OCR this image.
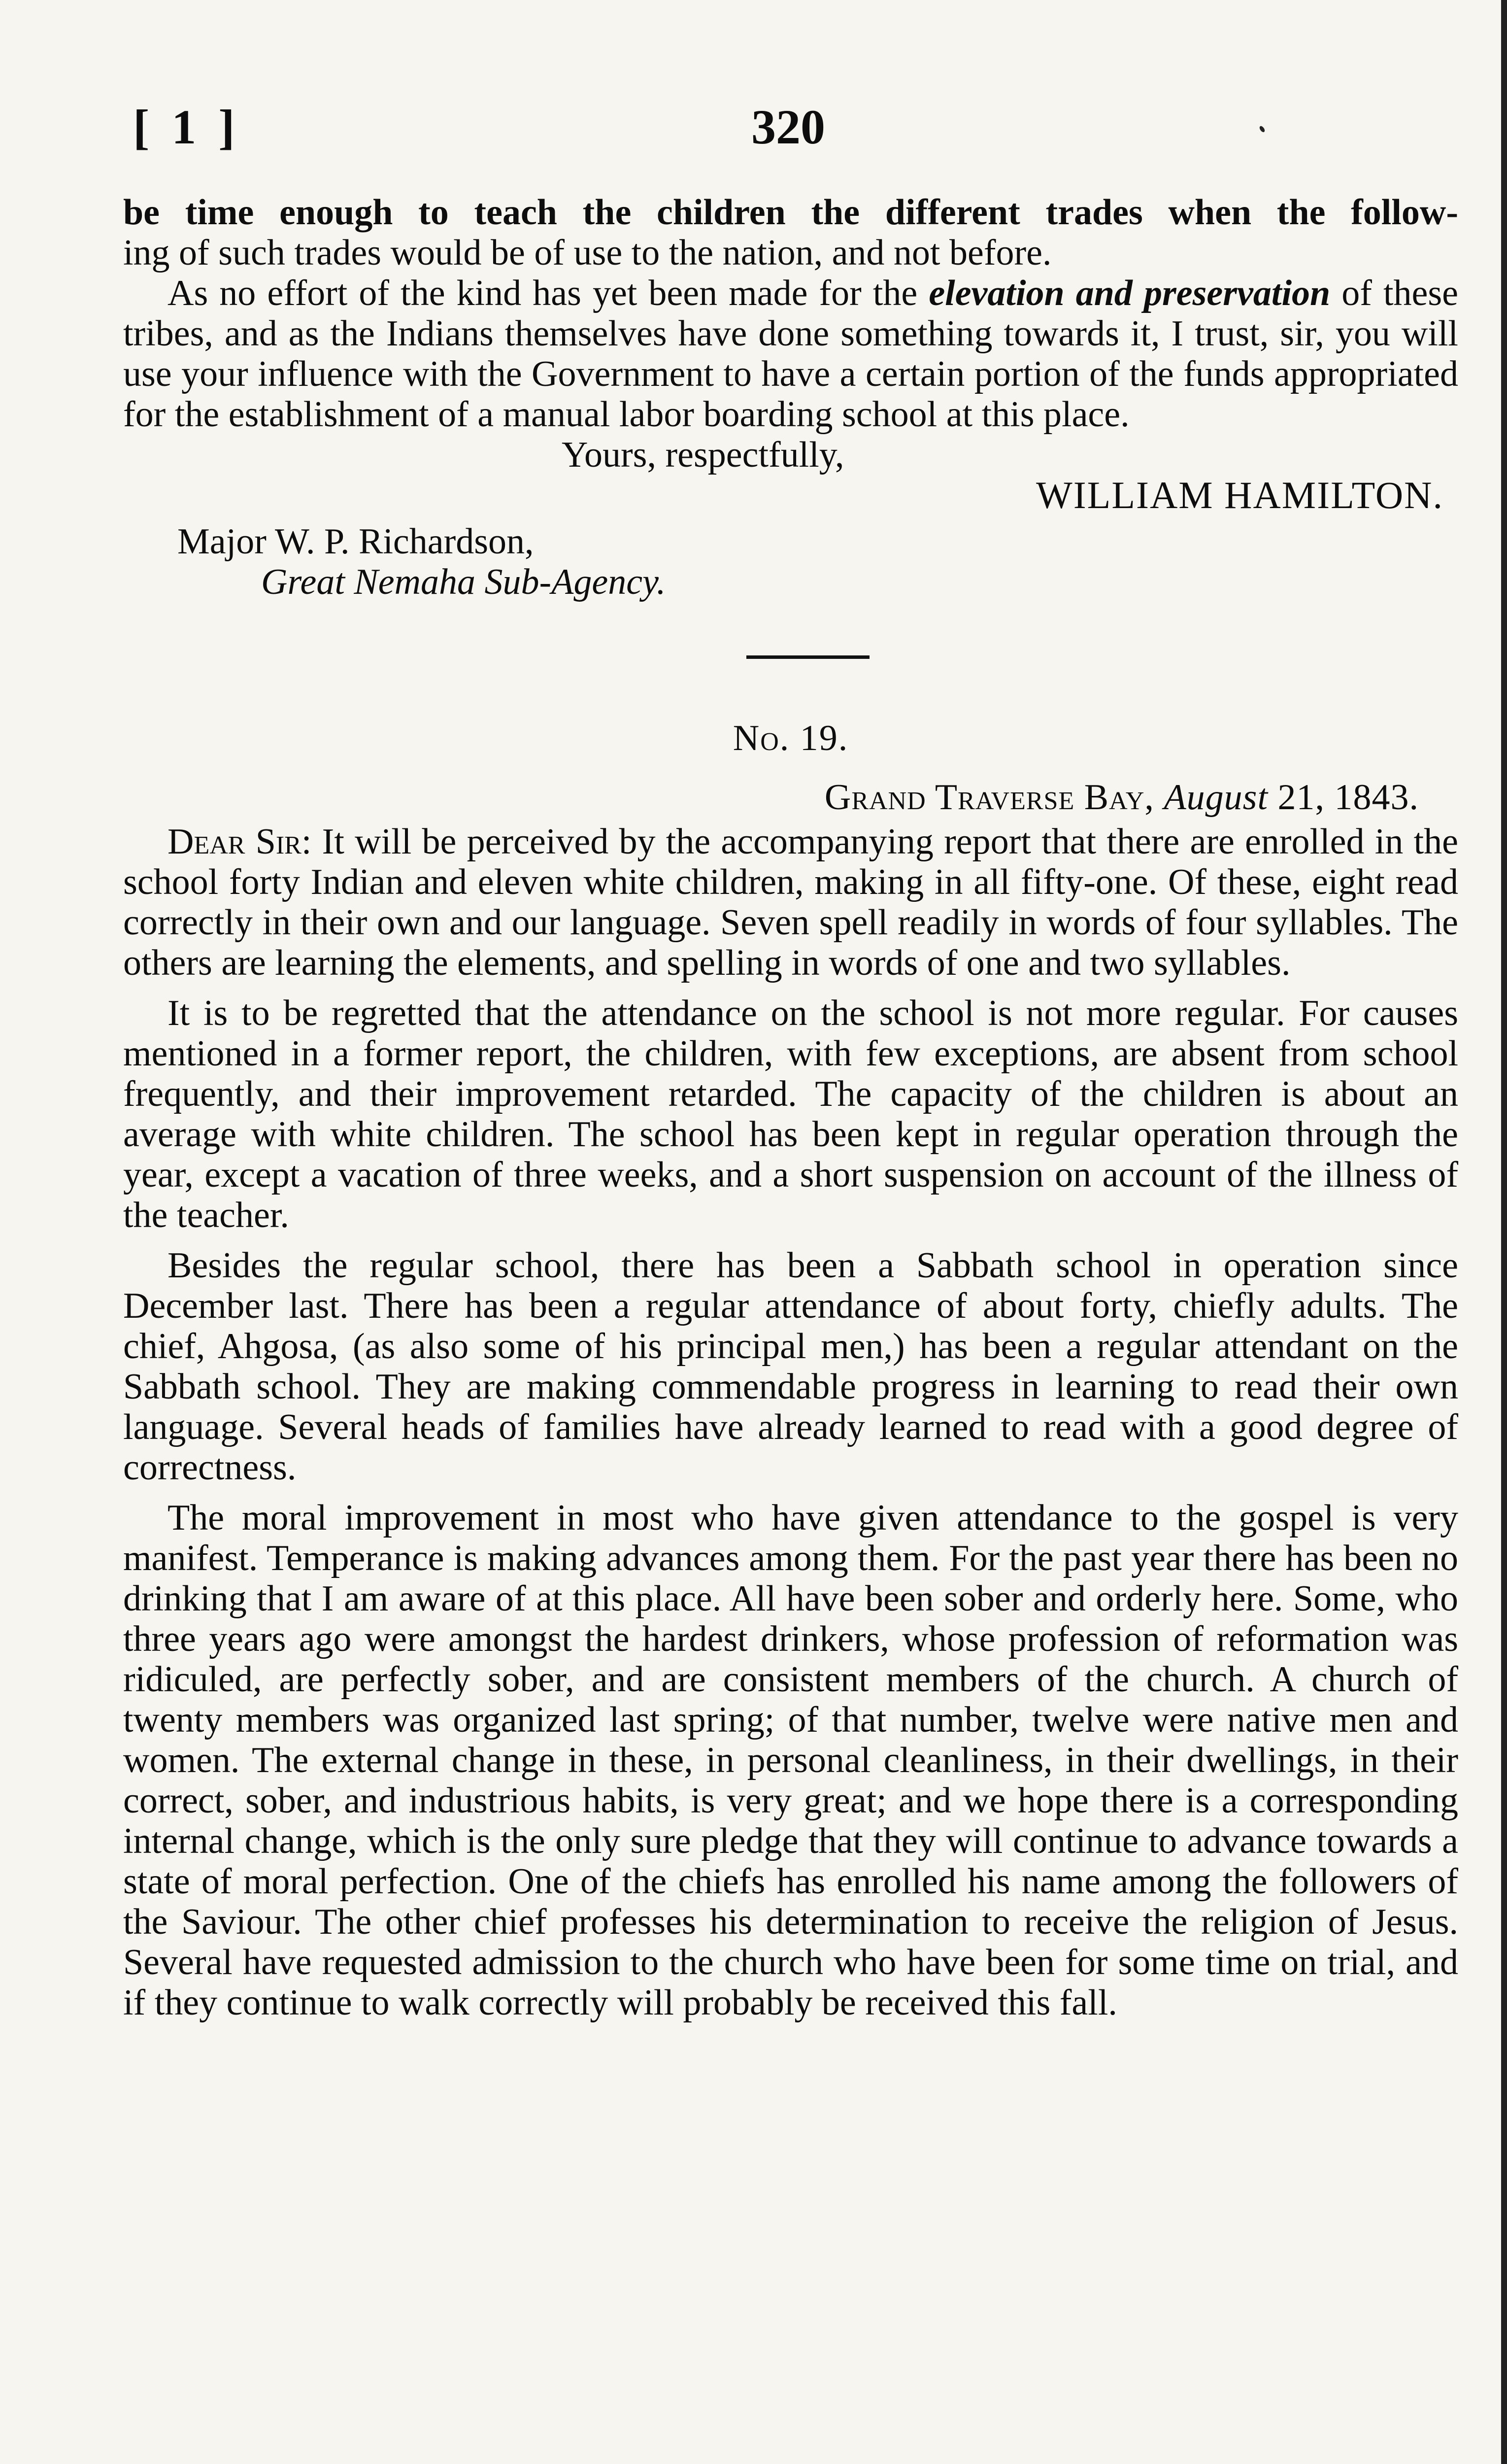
[ 1 ]	320

be time enough to teach the children the different trades when the follow-

ing of such trades would be of use to the nation, and not before.

As no effort of the kind has yet been made for the elevation and preservation of these tribes, and as the Indians themselves have done something towards it, I trust, sir, you will use your influence with the Government to have a certain portion of the funds appropriated for the establishment of a manual labor boarding school at this place.

Yours, respectfully,
WILLIAM HAMILTON.
Major W. P. Richardson,
Great Nemaha Sub-Agency.
No. 19.
Grand Traverse Bay, August 21, 1843.

Dear Sir: It will be perceived by the accompanying report that there are enrolled in the school forty Indian and eleven white children, making in all fifty-one. Of these, eight read correctly in their own and our language. Seven spell readily in words of four syllables. The others are learning the elements, and spelling in words of one and two syllables.

It is to be regretted that the attendance on the school is not more regular. For causes mentioned in a former report, the children, with few exceptions, are absent from school frequently, and their improvement retarded. The capacity of the children is about an average with white children. The school has been kept in regular operation through the year, except a vacation of three weeks, and a short suspension on account of the illness of the teacher.

Besides the regular school, there has been a Sabbath school in operation since December last. There has been a regular attendance of about forty, chiefly adults. The chief, Ahgosa, (as also some of his principal men,) has been a regular attendant on the Sabbath school. They are making commendable progress in learning to read their own language. Several heads of families have already learned to read with a good degree of correctness.

The moral improvement in most who have given attendance to the gospel is very manifest. Temperance is making advances among them. For the past year there has been no drinking that I am aware of at this place. All have been sober and orderly here. Some, who three years ago were amongst the hardest drinkers, whose profession of reformation was ridiculed, are perfectly sober, and are consistent members of the church. A church of twenty members was organized last spring; of that number, twelve were native men and women. The external change in these, in personal cleanliness, in their dwellings, in their correct, sober, and industrious habits, is very great; and we hope there is a corresponding internal change, which is the only sure pledge that they will continue to advance towards a state of moral perfection. One of the chiefs has enrolled his name among the followers of the Saviour. The other chief professes his determination to receive the religion of Jesus. Several have requested admission to the church who have been for some time on trial, and if they continue to walk correctly will probably be received this fall.
